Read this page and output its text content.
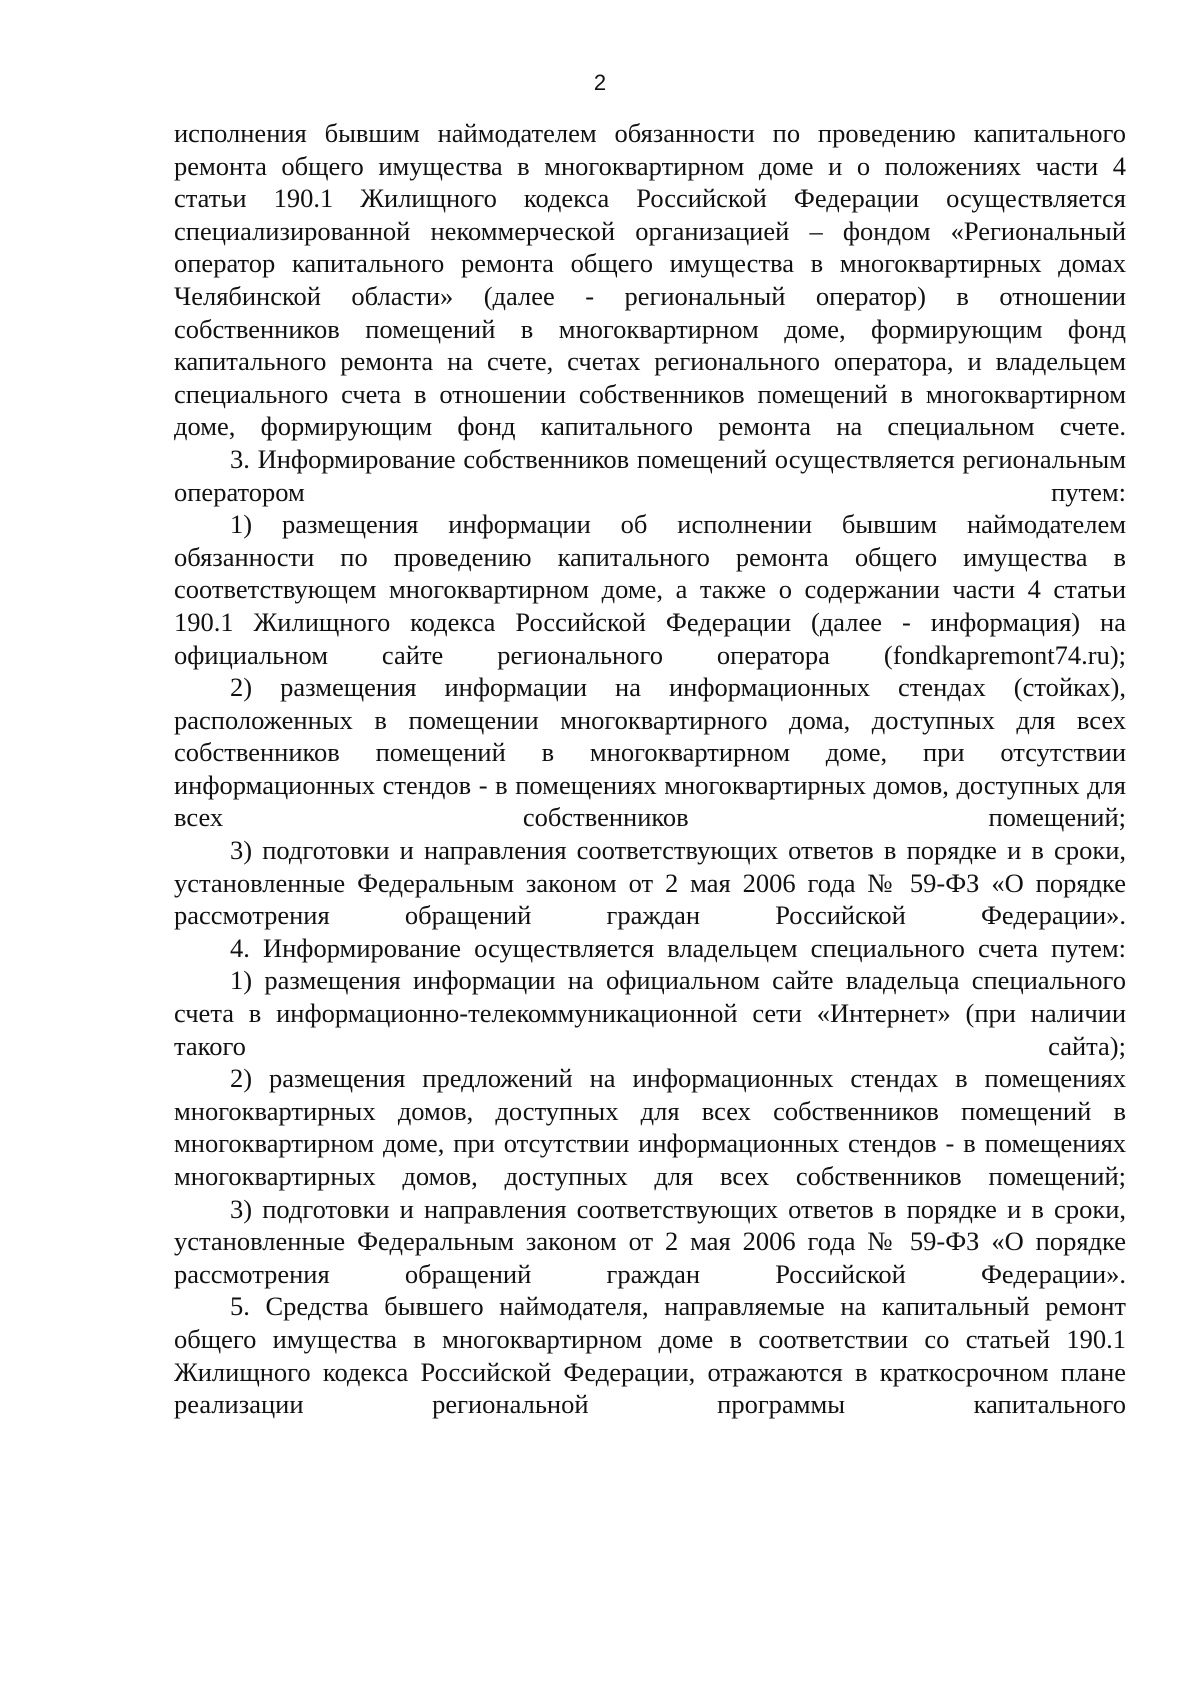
2
исполнения бывшим наймодателем обязанности по проведению капитального ремонта общего имущества в многоквартирном доме и о положениях части 4 статьи 190.1 Жилищного кодекса Российской Федерации осуществляется специализированной некоммерческой организацией – фондом «Региональный оператор капитального ремонта общего имущества в многоквартирных домах Челябинской области» (далее - региональный оператор) в отношении собственников помещений в многоквартирном доме, формирующим фонд капитального ремонта на счете, счетах регионального оператора, и владельцем специального счета в отношении собственников помещений в многоквартирном доме, формирующим фонд капитального ремонта на специальном счете.
3. Информирование собственников помещений осуществляется региональным оператором путем:
1) размещения информации об исполнении бывшим наймодателем обязанности по проведению капитального ремонта общего имущества в соответствующем многоквартирном доме, а также о содержании части 4 статьи 190.1 Жилищного кодекса Российской Федерации (далее - информация) на официальном сайте регионального оператора (fondkapremont74.ru);
2) размещения информации на информационных стендах (стойках), расположенных в помещении многоквартирного дома, доступных для всех собственников помещений в многоквартирном доме, при отсутствии информационных стендов - в помещениях многоквартирных домов, доступных для всех собственников помещений;
3) подготовки и направления соответствующих ответов в порядке и в сроки, установленные Федеральным законом от 2 мая 2006 года № 59-ФЗ «О порядке рассмотрения обращений граждан Российской Федерации».
4. Информирование осуществляется владельцем специального счета путем:
1) размещения информации на официальном сайте владельца специального счета в информационно-телекоммуникационной сети «Интернет» (при наличии такого сайта);
2) размещения предложений на информационных стендах в помещениях многоквартирных домов, доступных для всех собственников помещений в многоквартирном доме, при отсутствии информационных стендов - в помещениях многоквартирных домов, доступных для всех собственников помещений;
3) подготовки и направления соответствующих ответов в порядке и в сроки, установленные Федеральным законом от 2 мая 2006 года № 59-ФЗ «О порядке рассмотрения обращений граждан Российской Федерации».
5. Средства бывшего наймодателя, направляемые на капитальный ремонт общего имущества в многоквартирном доме в соответствии со статьей 190.1 Жилищного кодекса Российской Федерации, отражаются в краткосрочном плане реализации региональной программы капитального
